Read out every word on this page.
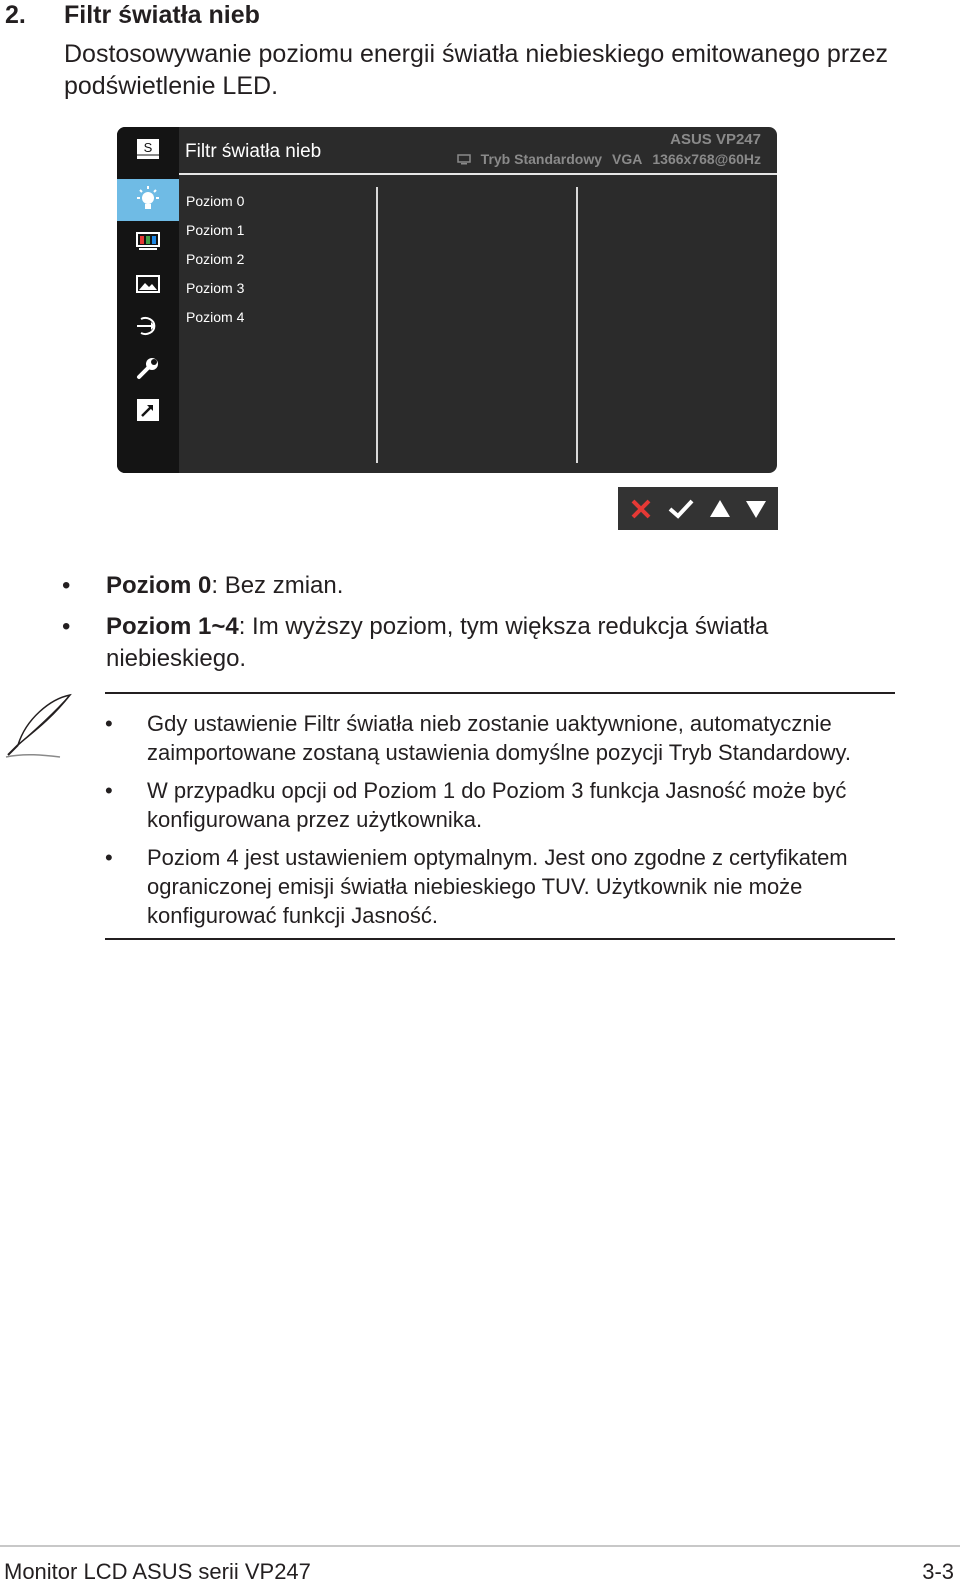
2. Filtr światła nieb
Dostosowywanie poziomu energii światła niebieskiego emitowanego przez podświetlenie LED.
S Filtr światła nieb
ASUS VP247
Tryb Standardowy VGA 1366x768@60Hz
Poziom 0
Poziom 1
Poziom 2
Poziom 3
Poziom 4
• Poziom 0: Bez zmian.
• Poziom 1~4: Im wyższy poziom, tym większa redukcja światła niebieskiego.
• Gdy ustawienie Filtr światła nieb zostanie uaktywnione, automatycznie zaimportowane zostaną ustawienia domyślne pozycji Tryb Standardowy.
• W przypadku opcji od Poziom 1 do Poziom 3 funkcja Jasność może być konfigurowana przez użytkownika.
• Poziom 4 jest ustawieniem optymalnym. Jest ono zgodne z certyfikatem ograniczonej emisji światła niebieskiego TUV. Użytkownik nie może konfigurować funkcji Jasność.
Monitor LCD ASUS serii VP247	3-3
